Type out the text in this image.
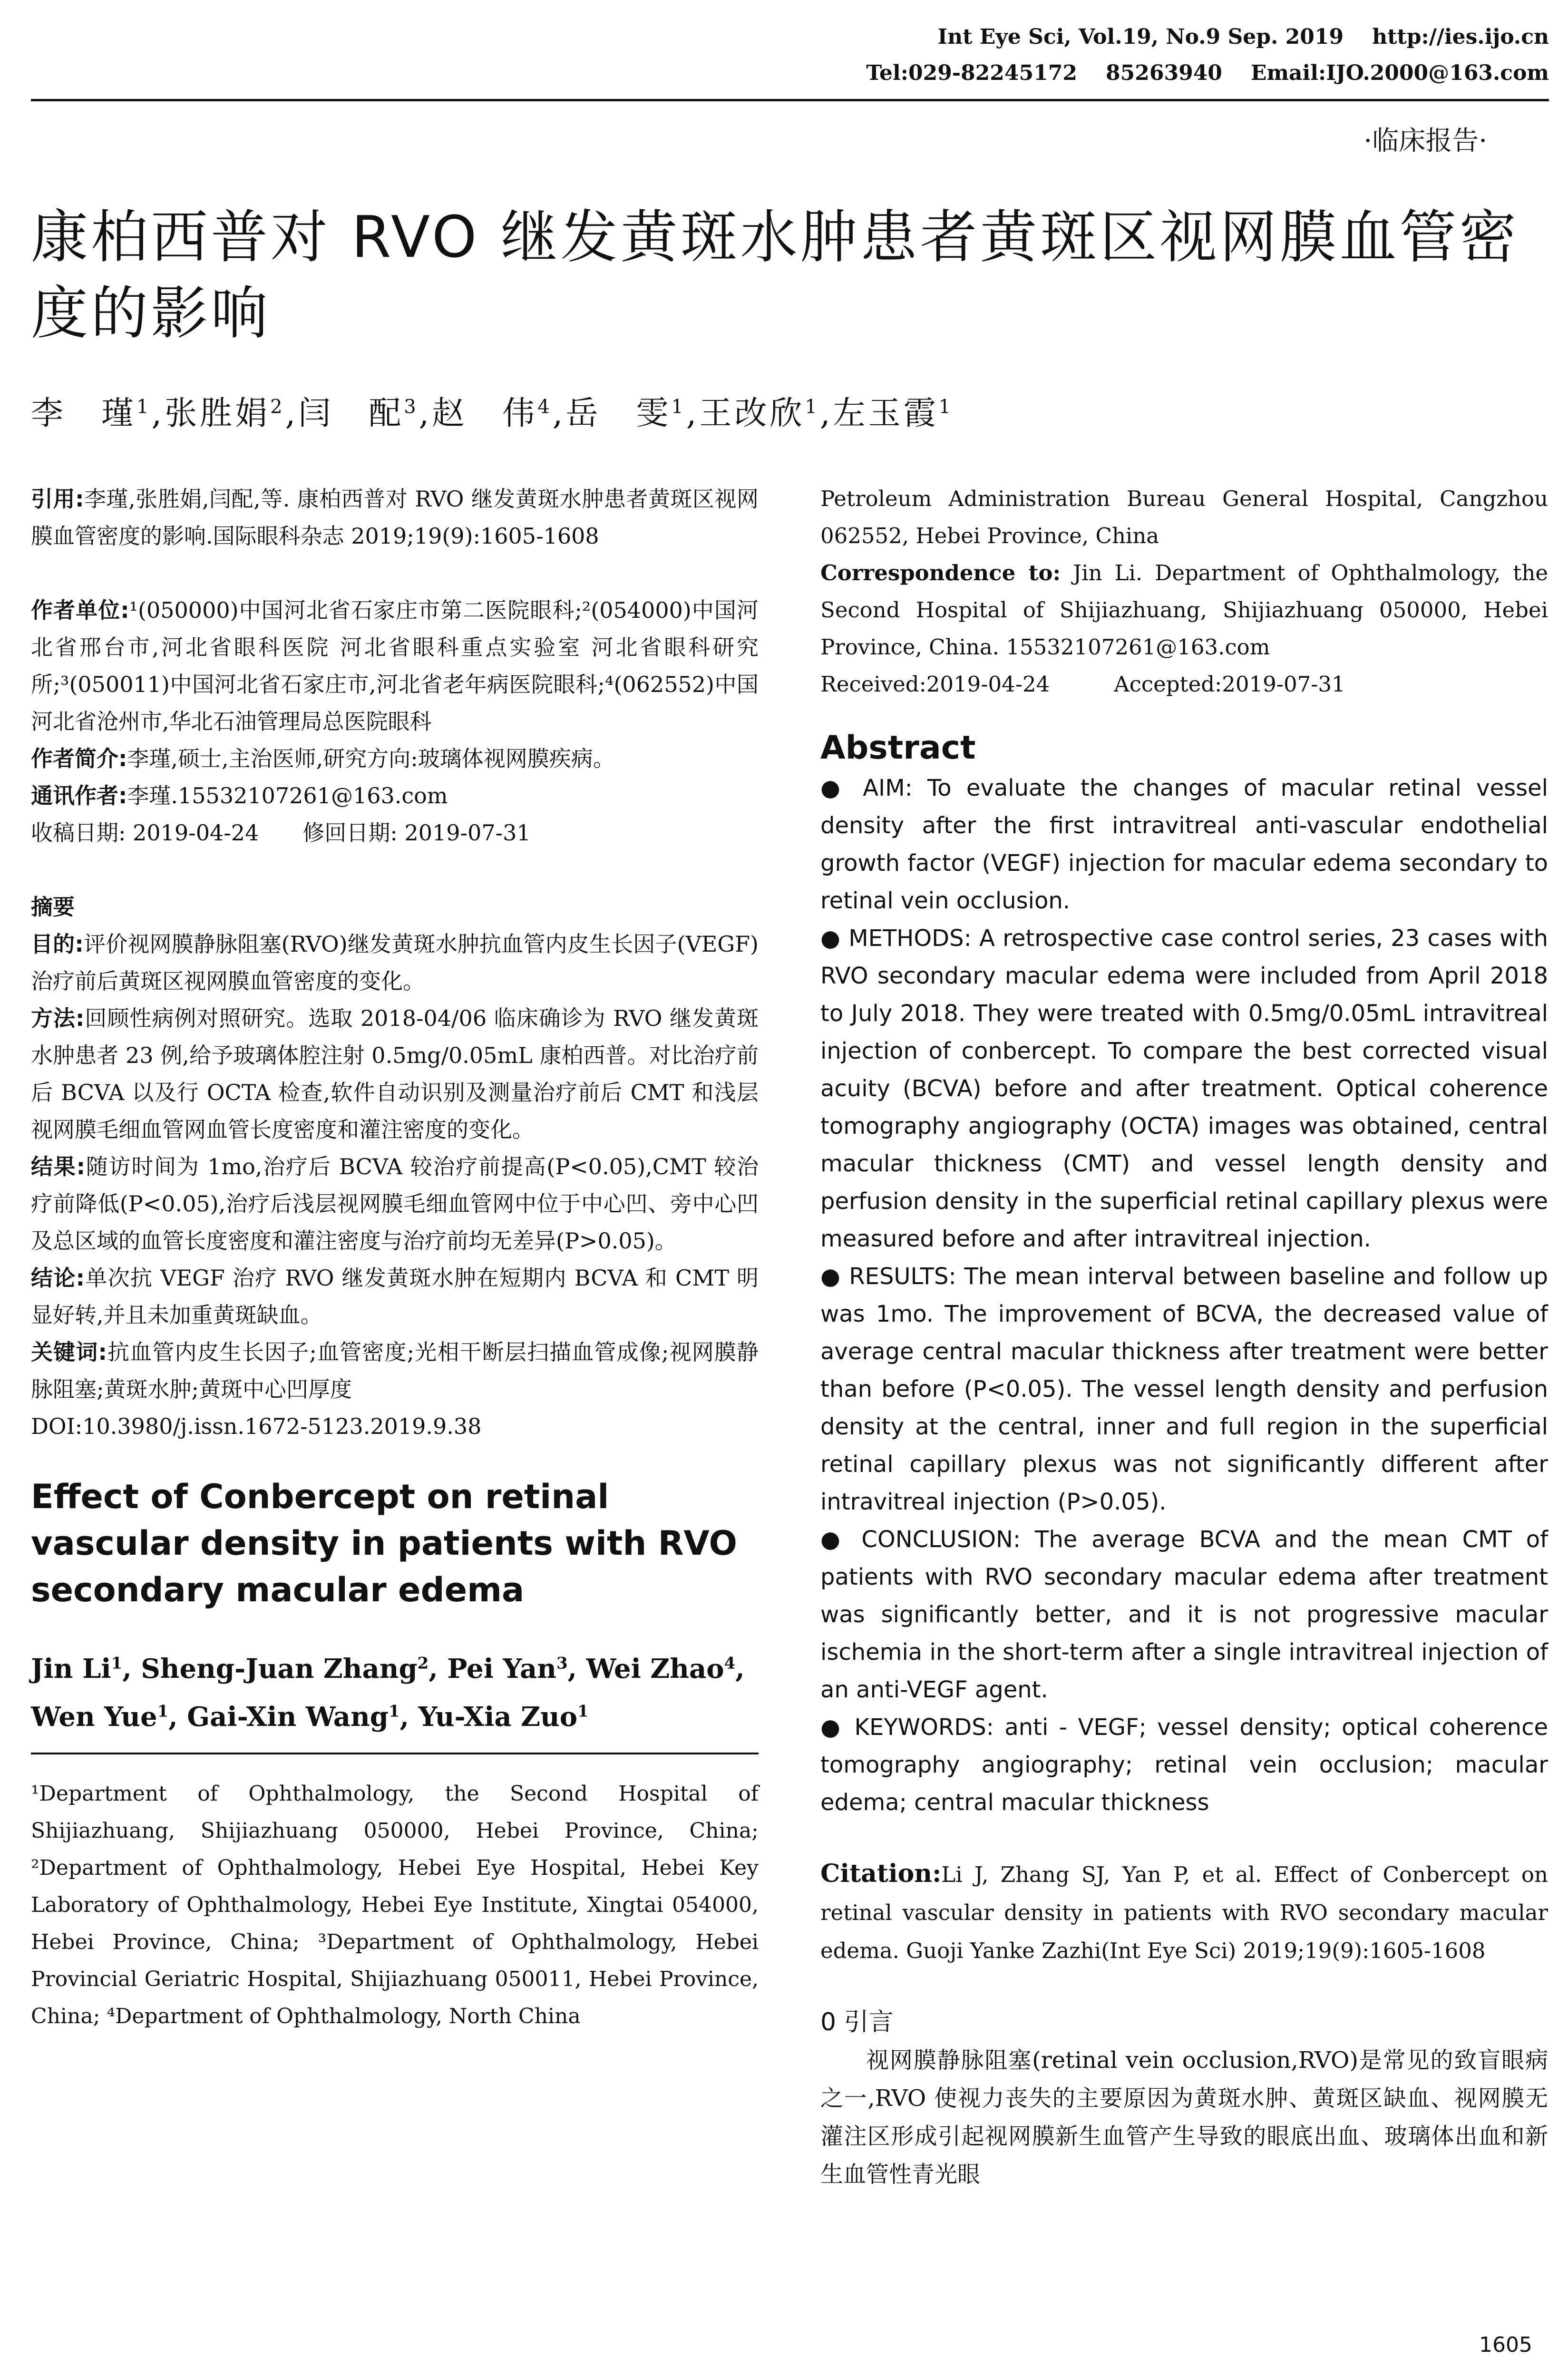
Int Eye Sci, Vol.19, No.9 Sep. 2019 http://ies.ijo.cn
Tel:029-82245172 85263940 Email:IJO.2000@163.com
·临床报告·
康柏西普对 RVO 继发黄斑水肿患者黄斑区视网膜血管密度的影响
李　瑾$^1$,张胜娟$^2$,闫　配$^3$,赵　伟$^4$,岳　雯$^1$,王改欣$^1$,左玉霞$^1$

引用:李瑾,张胜娟,闫配,等. 康柏西普对 RVO 继发黄斑水肿患者黄斑区视网膜血管密度的影响.国际眼科杂志 2019;19(9):1605-1608

作者单位:¹(050000)中国河北省石家庄市第二医院眼科;²(054000)中国河北省邢台市,河北省眼科医院 河北省眼科重点实验室 河北省眼科研究所;³(050011)中国河北省石家庄市,河北省老年病医院眼科;⁴(062552)中国河北省沧州市,华北石油管理局总医院眼科

作者简介:李瑾,硕士,主治医师,研究方向:玻璃体视网膜疾病。

通讯作者:李瑾.15532107261@163.com

收稿日期: 2019-04-24　　修回日期: 2019-07-31

摘要

目的:评价视网膜静脉阻塞(RVO)继发黄斑水肿抗血管内皮生长因子(VEGF)治疗前后黄斑区视网膜血管密度的变化。

方法:回顾性病例对照研究。选取 2018-04/06 临床确诊为 RVO 继发黄斑水肿患者 23 例,给予玻璃体腔注射 0.5mg/0.05mL 康柏西普。对比治疗前后 BCVA 以及行 OCTA 检查,软件自动识别及测量治疗前后 CMT 和浅层视网膜毛细血管网血管长度密度和灌注密度的变化。

结果:随访时间为 1mo,治疗后 BCVA 较治疗前提高(P<0.05),CMT 较治疗前降低(P<0.05),治疗后浅层视网膜毛细血管网中位于中心凹、旁中心凹及总区域的血管长度密度和灌注密度与治疗前均无差异(P>0.05)。

结论:单次抗 VEGF 治疗 RVO 继发黄斑水肿在短期内 BCVA 和 CMT 明显好转,并且未加重黄斑缺血。

关键词:抗血管内皮生长因子;血管密度;光相干断层扫描血管成像;视网膜静脉阻塞;黄斑水肿;黄斑中心凹厚度

DOI:10.3980/j.issn.1672-5123.2019.9.38

Effect of Conbercept on retinal vascular density in patients with RVO secondary macular edema
Jin Li$^1$, Sheng-Juan Zhang$^2$, Pei Yan$^3$, Wei Zhao$^4$, Wen Yue$^1$, Gai-Xin Wang$^1$, Yu-Xia Zuo$^1$

¹Department of Ophthalmology, the Second Hospital of Shijiazhuang, Shijiazhuang 050000, Hebei Province, China; ²Department of Ophthalmology, Hebei Eye Hospital, Hebei Key Laboratory of Ophthalmology, Hebei Eye Institute, Xingtai 054000, Hebei Province, China; ³Department of Ophthalmology, Hebei Provincial Geriatric Hospital, Shijiazhuang 050011, Hebei Province, China; ⁴Department of Ophthalmology, North China

Petroleum Administration Bureau General Hospital, Cangzhou 062552, Hebei Province, China

Correspondence to: Jin Li. Department of Ophthalmology, the Second Hospital of Shijiazhuang, Shijiazhuang 050000, Hebei Province, China. 15532107261@163.com

Received:2019-04-24　　　Accepted:2019-07-31

Abstract

● AIM: To evaluate the changes of macular retinal vessel density after the first intravitreal anti-vascular endothelial growth factor (VEGF) injection for macular edema secondary to retinal vein occlusion.

● METHODS: A retrospective case control series, 23 cases with RVO secondary macular edema were included from April 2018 to July 2018. They were treated with 0.5mg/0.05mL intravitreal injection of conbercept. To compare the best corrected visual acuity (BCVA) before and after treatment. Optical coherence tomography angiography (OCTA) images was obtained, central macular thickness (CMT) and vessel length density and perfusion density in the superficial retinal capillary plexus were measured before and after intravitreal injection.

● RESULTS: The mean interval between baseline and follow up was 1mo. The improvement of BCVA, the decreased value of average central macular thickness after treatment were better than before (P<0.05). The vessel length density and perfusion density at the central, inner and full region in the superficial retinal capillary plexus was not significantly different after intravitreal injection (P>0.05).

● CONCLUSION: The average BCVA and the mean CMT of patients with RVO secondary macular edema after treatment was significantly better, and it is not progressive macular ischemia in the short-term after a single intravitreal injection of an anti-VEGF agent.

● KEYWORDS: anti - VEGF; vessel density; optical coherence tomography angiography; retinal vein occlusion; macular edema; central macular thickness

Citation:Li J, Zhang SJ, Yan P, et al. Effect of Conbercept on retinal vascular density in patients with RVO secondary macular edema. Guoji Yanke Zazhi(Int Eye Sci) 2019;19(9):1605-1608

0 引言

视网膜静脉阻塞(retinal vein occlusion,RVO)是常见的致盲眼病之一,RVO 使视力丧失的主要原因为黄斑水肿、黄斑区缺血、视网膜无灌注区形成引起视网膜新生血管产生导致的眼底出血、玻璃体出血和新生血管性青光眼

1605
